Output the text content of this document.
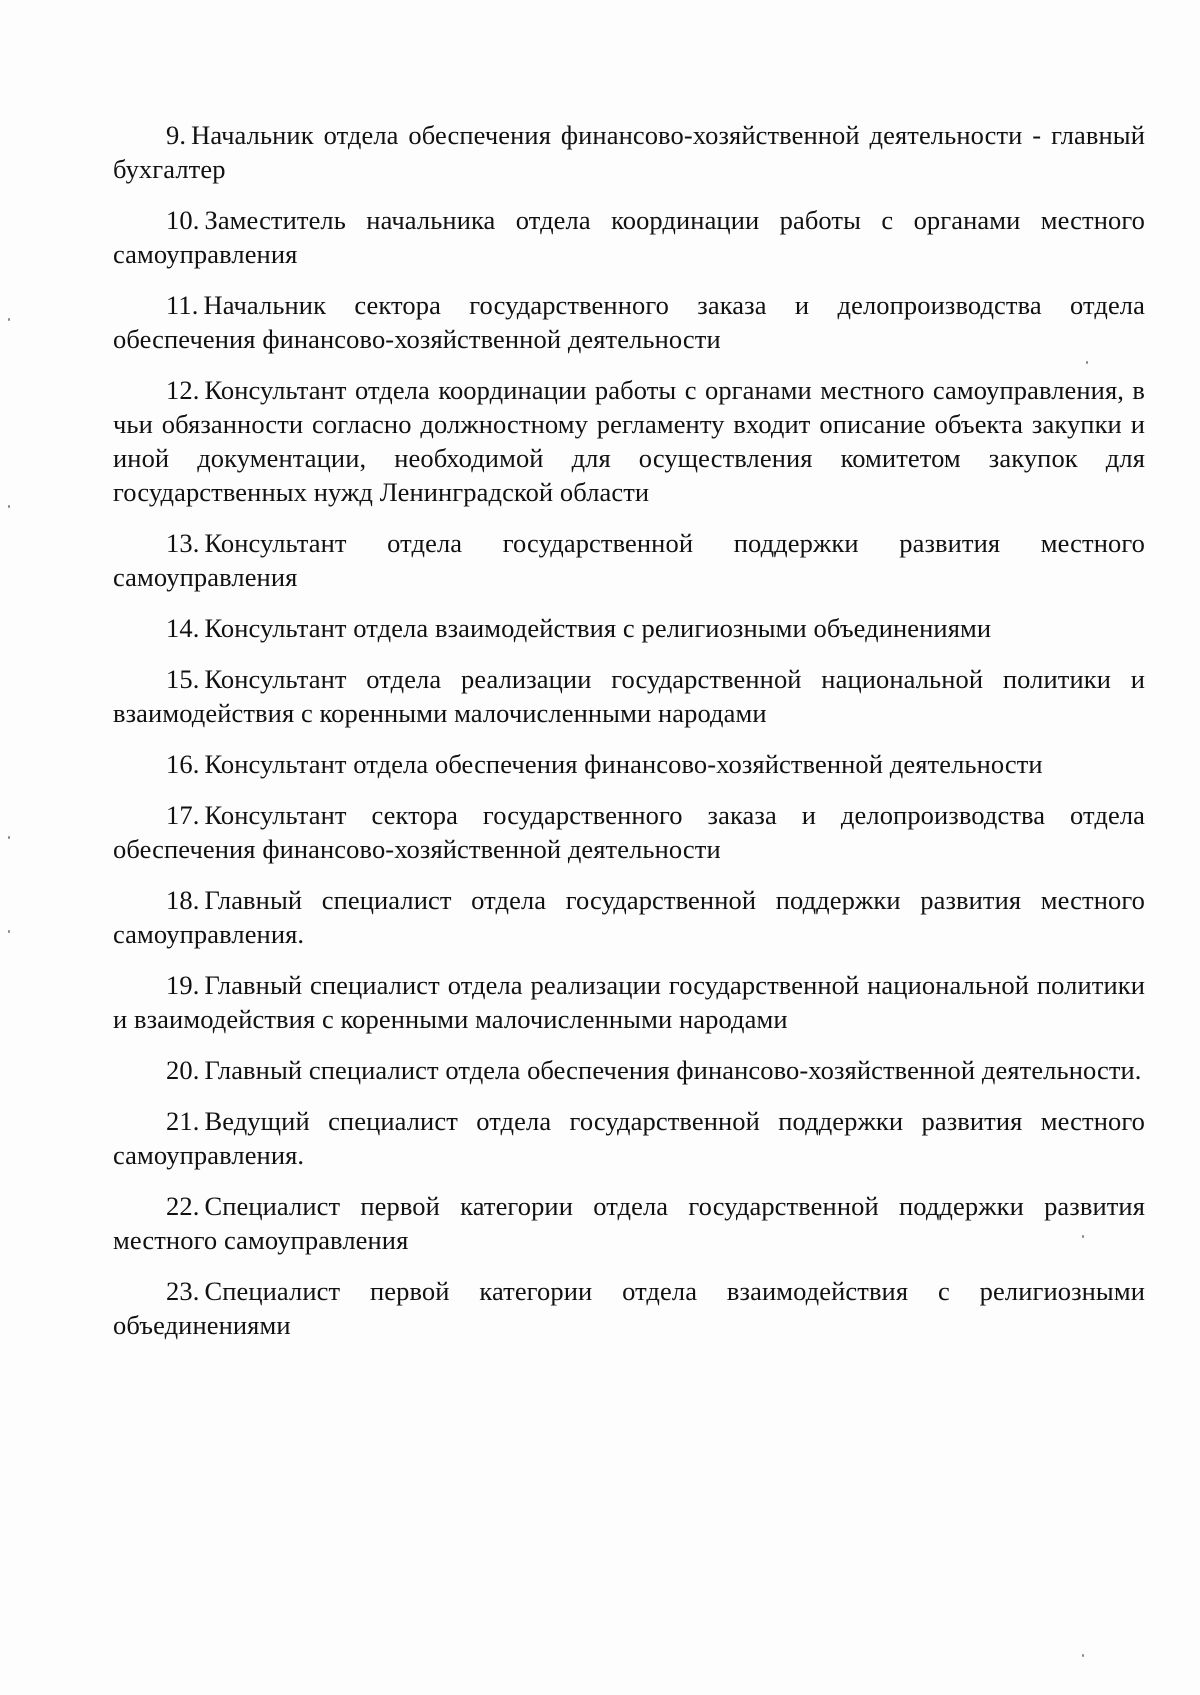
9. Начальник отдела обеспечения финансово-хозяйственной деятельности - главный бухгалтер

10. Заместитель начальника отдела координации работы с органами местного самоуправления

11. Начальник сектора государственного заказа и делопроизводства отдела обеспечения финансово-хозяйственной деятельности

12. Консультант отдела координации работы с органами местного самоуправления, в чьи обязанности согласно должностному регламенту входит описание объекта закупки и иной документации, необходимой для осуществления комитетом закупок для государственных нужд Ленинградской области

13. Консультант отдела государственной поддержки развития местного самоуправления

14. Консультант отдела взаимодействия с религиозными объединениями

15. Консультант отдела реализации государственной национальной политики и взаимодействия с коренными малочисленными народами

16. Консультант отдела обеспечения финансово-хозяйственной деятельности

17. Консультант сектора государственного заказа и делопроизводства отдела обеспечения финансово-хозяйственной деятельности

18. Главный специалист отдела государственной поддержки развития местного самоуправления.

19. Главный специалист отдела реализации государственной национальной политики и взаимодействия с коренными малочисленными народами

20. Главный специалист отдела обеспечения финансово-хозяйственной деятельности.

21. Ведущий специалист отдела государственной поддержки развития местного самоуправления.

22. Специалист первой категории отдела государственной поддержки развития местного самоуправления

23. Специалист первой категории отдела взаимодействия с религиозными объединениями
